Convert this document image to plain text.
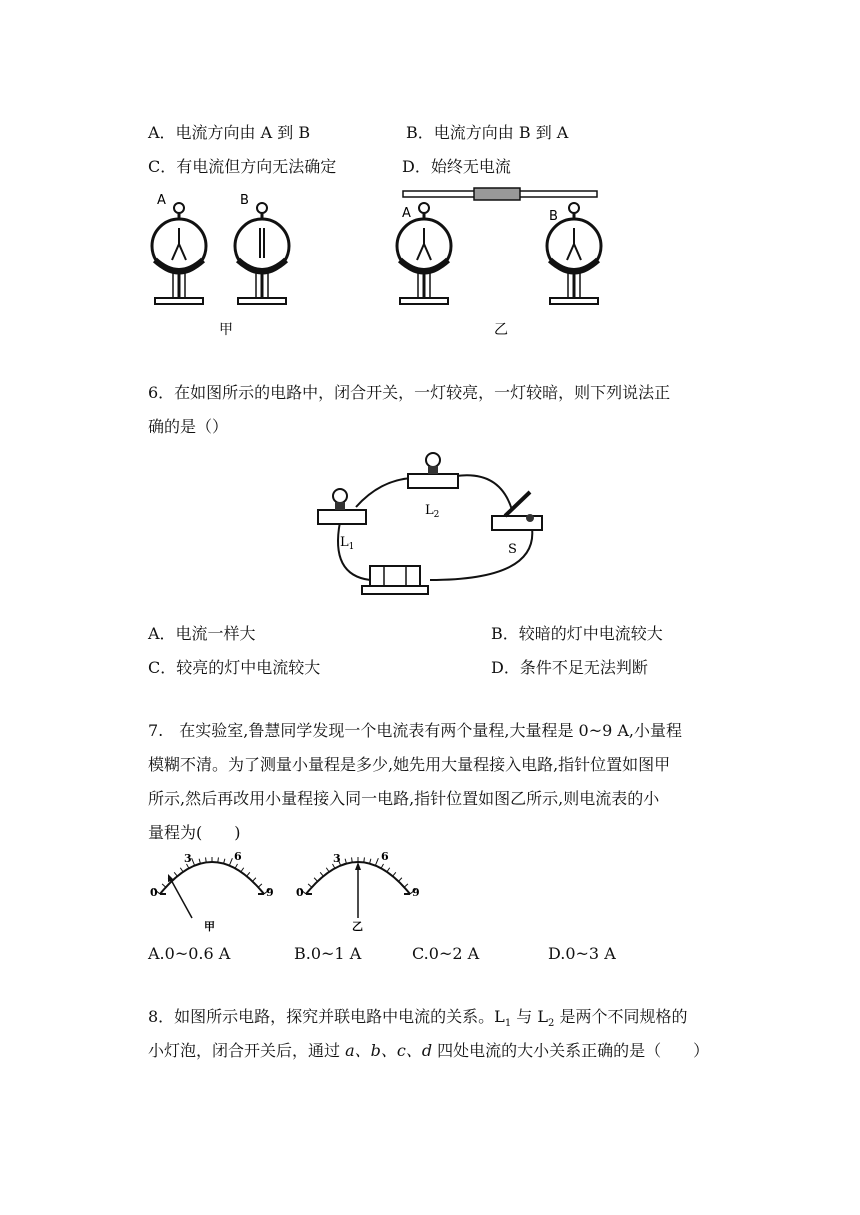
A．电流方向由 A 到 B	B．电流方向由 B 到 A
C．有电流但方向无法确定	D．始终无电流
A	B
A	B
甲	乙
6．在如图所示的电路中，闭合开关，一灯较亮，一灯较暗，则下列说法正
确的是（）
$L_1$
$L_2$
S
A．电流一样大	B．较暗的灯中电流较大
C．较亮的灯中电流较大	D．条件不足无法判断
7.　在实验室,鲁慧同学发现一个电流表有两个量程,大量程是 0~9 A,小量程
模糊不清。为了测量小量程是多少,她先用大量程接入电路,指针位置如图甲
所示,然后再改用小量程接入同一电路,指针位置如图乙所示,则电流表的小
量程为(　　)
0
3	6
9
甲
0
3	6
9
乙
A.0~0.6 A	B.0~1 A	C.0~2 A	D.0~3 A
8．如图所示电路，探究并联电路中电流的关系。$L_1$ 与 $L_2$ 是两个不同规格的
小灯泡，闭合开关后，通过 a、b、c、d 四处电流的大小关系正确的是（　　）
